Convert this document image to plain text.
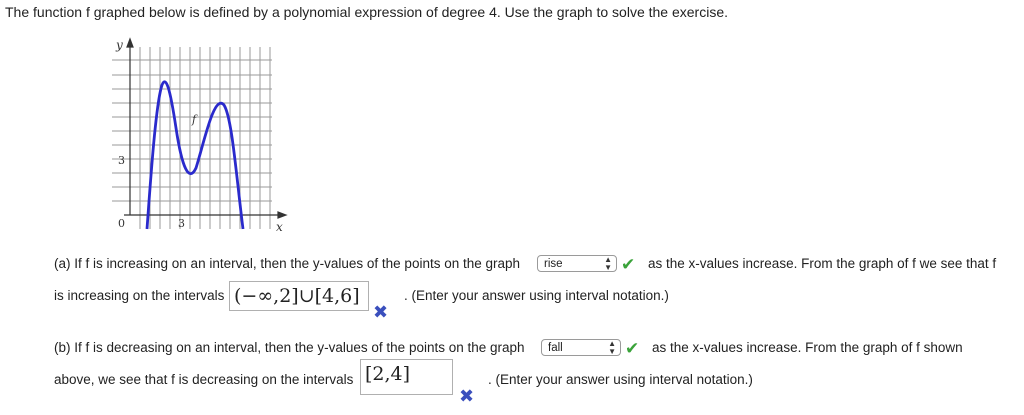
The function f graphed below is defined by a polynomial expression of degree 4. Use the graph to solve the exercise.
y
x
f
3
0	3
(a) If f is increasing on an interval, then the y-values of the points on the graph	rise	▲
▼ ✔ as the x-values increase. From the graph of f we see that f
is increasing on the intervals (−∞,2]∪[4,6]	. (Enter your answer using interval notation.)
✖
(b) If f is decreasing on an interval, then the y-values of the points on the graph	fall	▲
▼ ✔ as the x-values increase. From the graph of f shown
above, we see that f is decreasing on the intervals [2,4]	. (Enter your answer using interval notation.)
✖
